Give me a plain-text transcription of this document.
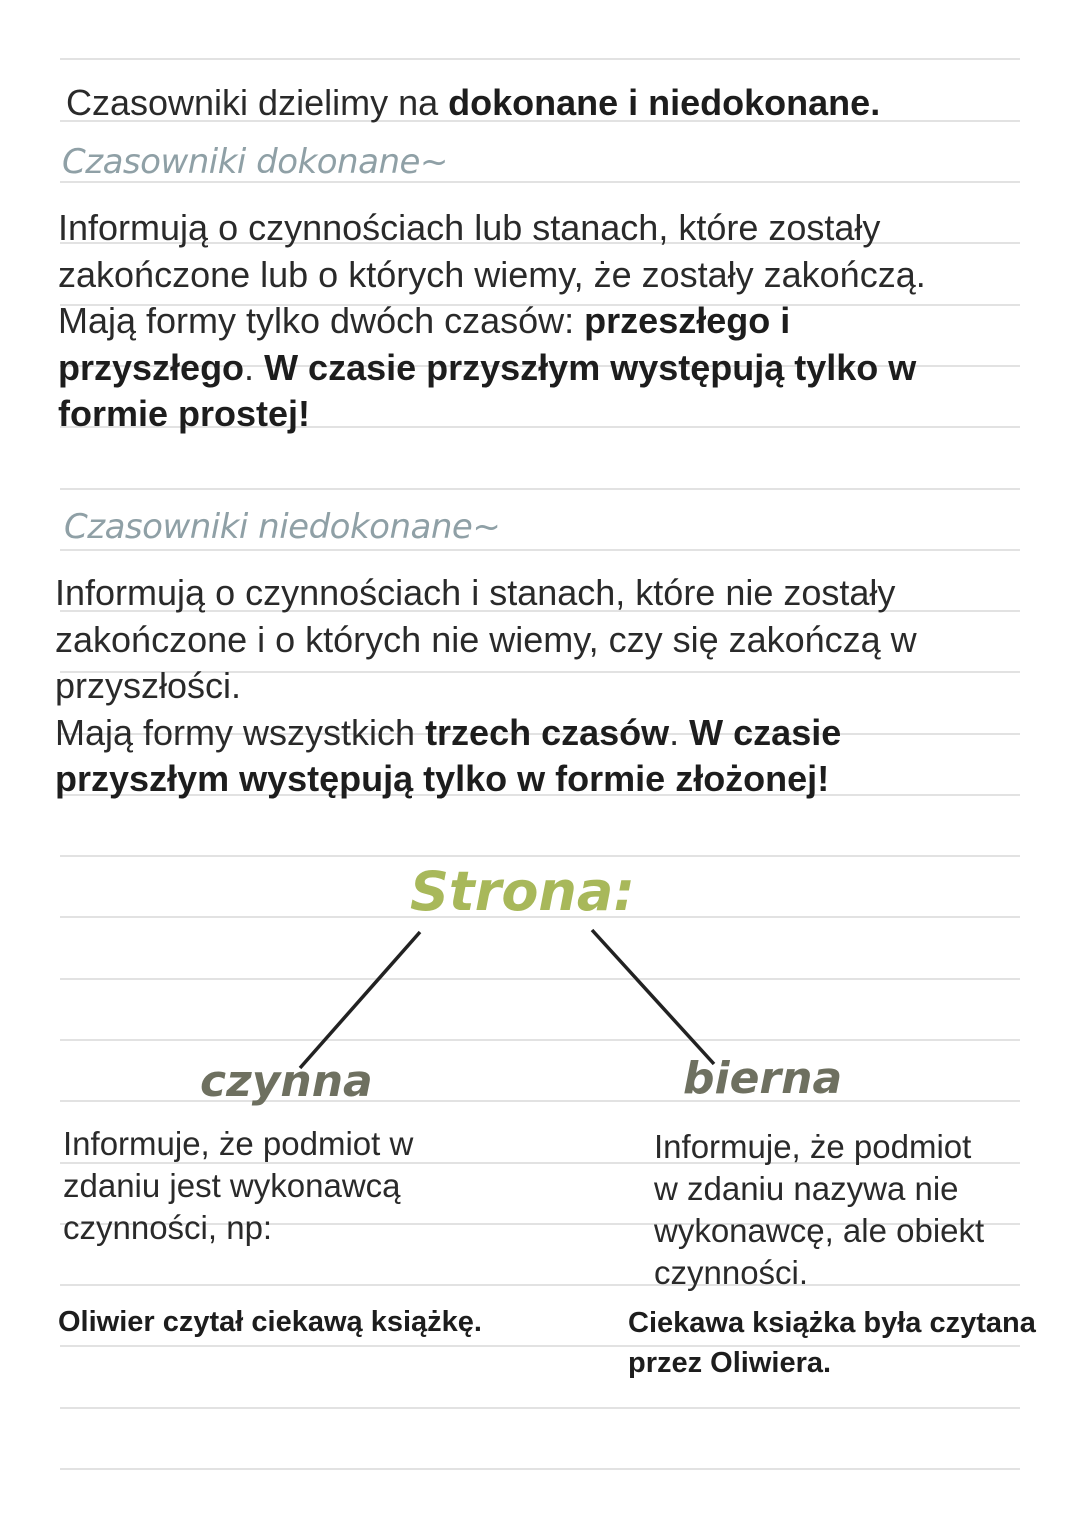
Czasowniki dzielimy na dokonane i niedokonane.
Czasowniki dokonane~
Informują o czynnościach lub stanach, które zostały
zakończone lub o których wiemy, że zostały zakończą.
Mają formy tylko dwóch czasów: przeszłego i
przyszłego. W czasie przyszłym występują tylko w
formie prostej!
Czasowniki niedokonane~
Informują o czynnościach i stanach, które nie zostały
zakończone i o których nie wiemy, czy się zakończą w
przyszłości.
Mają formy wszystkich trzech czasów. W czasie
przyszłym występują tylko w formie złożonej!
Strona:
czynna	bierna
Informuje, że podmiot w
zdaniu jest wykonawcą
czynności, np:
Informuje, że podmiot
w zdaniu nazywa nie
wykonawcę, ale obiekt
czynności.
Oliwier czytał ciekawą książkę.	Ciekawa książka była czytana
przez Oliwiera.
